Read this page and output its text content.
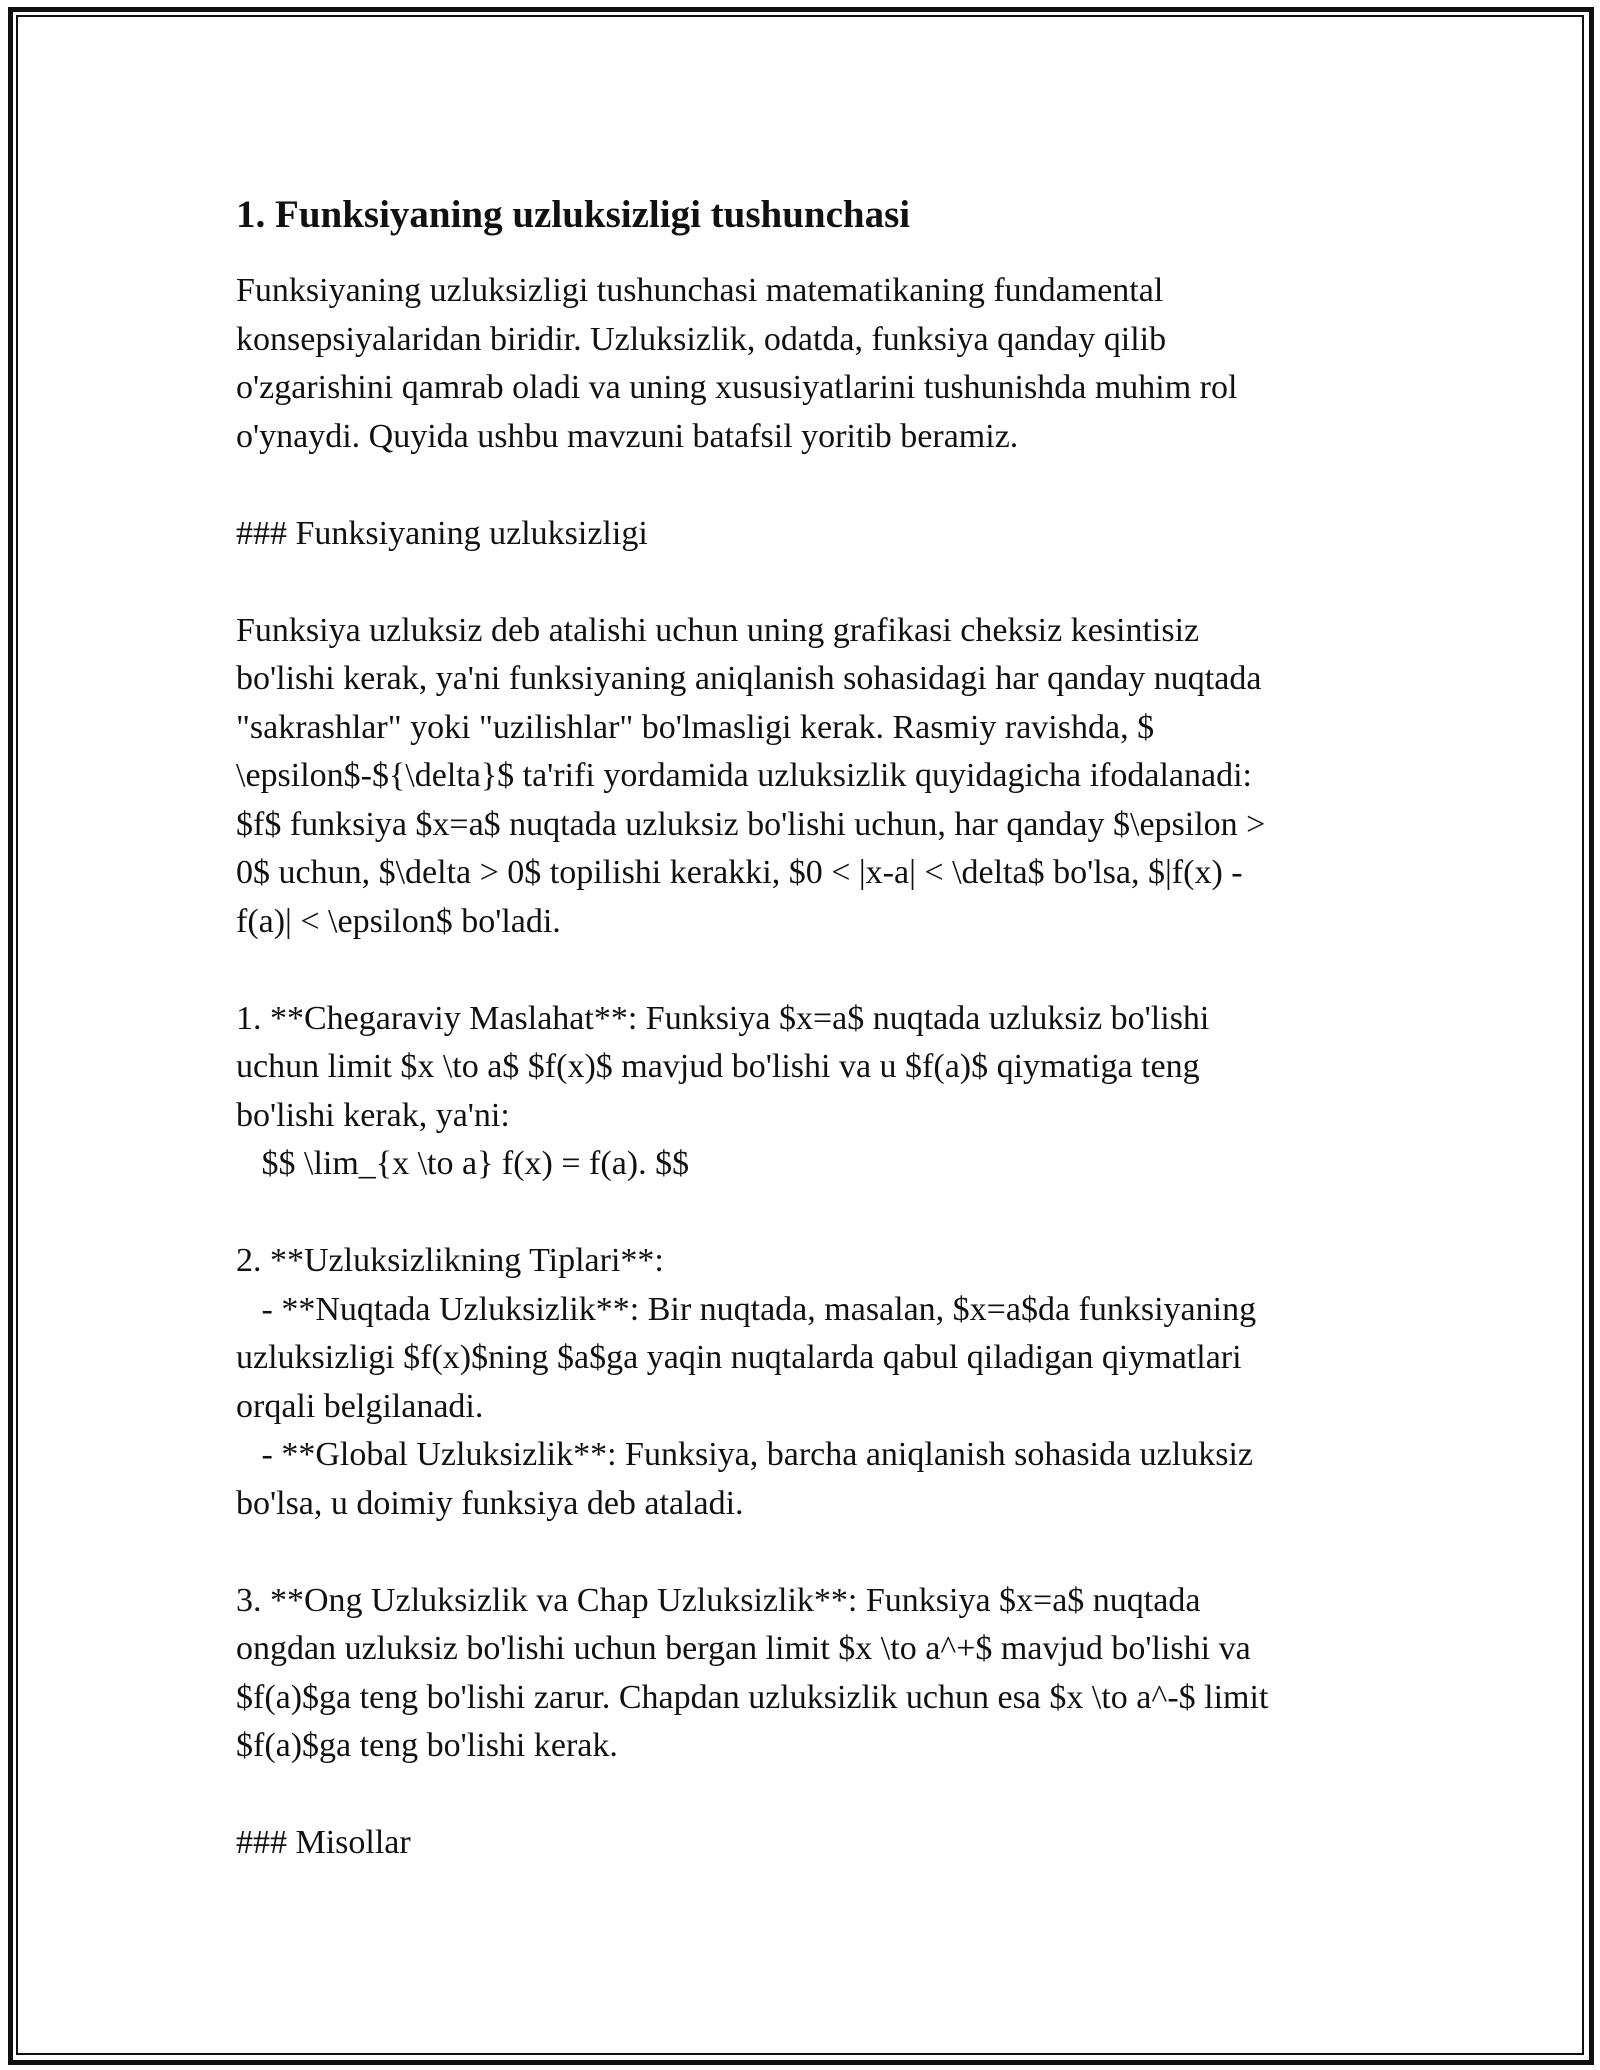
1. Funksiyaning uzluksizligi tushunchasi
Funksiyaning uzluksizligi tushunchasi matematikaning fundamental
konsepsiyalaridan biridir. Uzluksizlik, odatda, funksiya qanday qilib
o'zgarishini qamrab oladi va uning xususiyatlarini tushunishda muhim rol
o'ynaydi. Quyida ushbu mavzuni batafsil yoritib beramiz.

### Funksiyaning uzluksizligi

Funksiya uzluksiz deb atalishi uchun uning grafikasi cheksiz kesintisiz
bo'lishi kerak, ya'ni funksiyaning aniqlanish sohasidagi har qanday nuqtada
"sakrashlar" yoki "uzilishlar" bo'lmasligi kerak. Rasmiy ravishda, $
\epsilon$-${\delta}$ ta'rifi yordamida uzluksizlik quyidagicha ifodalanadi:
$f$ funksiya $x=a$ nuqtada uzluksiz bo'lishi uchun, har qanday $\epsilon >
0$ uchun, $\delta > 0$ topilishi kerakki, $0 < |x-a| < \delta$ bo'lsa, $|f(x) -
f(a)| < \epsilon$ bo'ladi.

1. **Chegaraviy Maslahat**: Funksiya $x=a$ nuqtada uzluksiz bo'lishi
uchun limit $x \to a$ $f(x)$ mavjud bo'lishi va u $f(a)$ qiymatiga teng
bo'lishi kerak, ya'ni:
$$ \lim_{x \to a} f(x) = f(a). $$

2. **Uzluksizlikning Tiplari**:
- **Nuqtada Uzluksizlik**: Bir nuqtada, masalan, $x=a$da funksiyaning
uzluksizligi $f(x)$ning $a$ga yaqin nuqtalarda qabul qiladigan qiymatlari
orqali belgilanadi.
- **Global Uzluksizlik**: Funksiya, barcha aniqlanish sohasida uzluksiz
bo'lsa, u doimiy funksiya deb ataladi.

3. **Ong Uzluksizlik va Chap Uzluksizlik**: Funksiya $x=a$ nuqtada
ongdan uzluksiz bo'lishi uchun bergan limit $x \to a^+$ mavjud bo'lishi va
$f(a)$ga teng bo'lishi zarur. Chapdan uzluksizlik uchun esa $x \to a^-$ limit
$f(a)$ga teng bo'lishi kerak.

### Misollar
